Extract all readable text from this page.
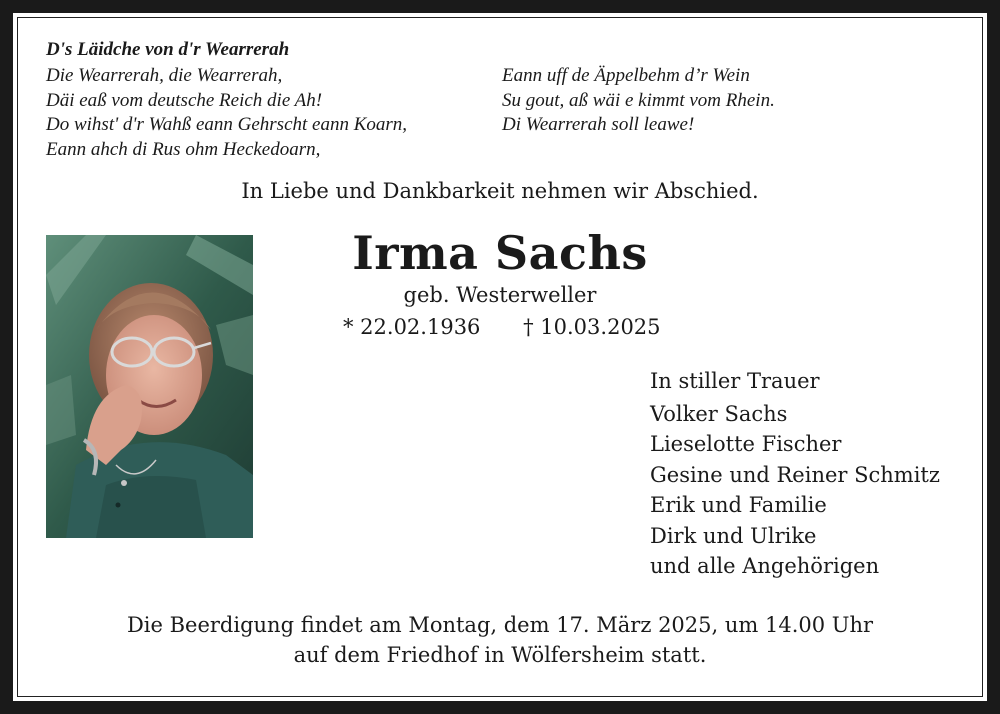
D's Läidche von d'r Wearrerah
Die Wearrerah, die Wearrerah,
Däi eaß vom deutsche Reich die Ah!
Do wihst' d'r Wahß eann Gehrscht eann Koarn,
Eann ahch di Rus ohm Heckedoarn,
Eann uff de Äppelbehm d’r Wein
Su gout, aß wäi e kimmt vom Rhein.
Di Wearrerah soll leawe!
In Liebe und Dankbarkeit nehmen wir Abschied.
Irma Sachs
geb. Westerweller
* 22.02.1936 † 10.03.2025
In stiller Trauer
Volker Sachs
Lieselotte Fischer
Gesine und Reiner Schmitz
Erik und Familie
Dirk und Ulrike
und alle Angehörigen
Die Beerdigung findet am Montag, dem 17. März 2025, um 14.00 Uhr
auf dem Friedhof in Wölfersheim statt.
